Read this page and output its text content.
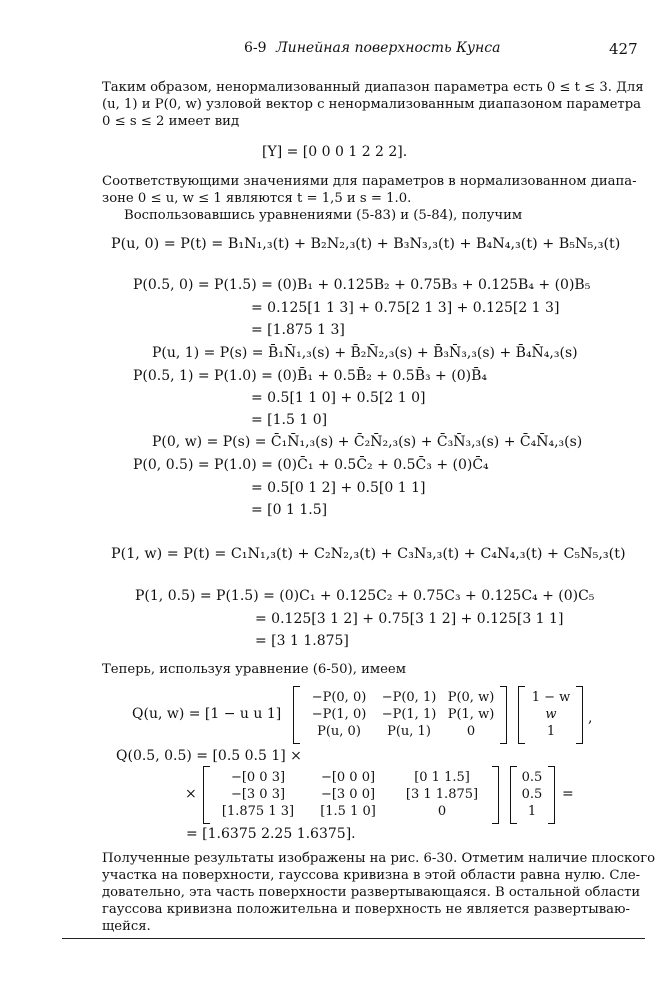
6-9 Линейная поверхность Кунса	427
Таким образом, ненормализованный диапазон параметра есть 0 ≤ t ≤ 3. Для
(u, 1) и P(0, w) узловой вектор с ненормализованным диапазоном параметра
0 ≤ s ≤ 2 имеет вид
[Y] = [0 0 0 1 2 2 2].
Соответствующими значениями для параметров в нормализованном диапа-
зоне 0 ≤ u, w ≤ 1 являются t = 1,5 и s = 1.0.
Воспользовавшись уравнениями (5-83) и (5-84), получим
P(u, 0) = P(t) = B₁N₁,₃(t) + B₂N₂,₃(t) + B₃N₃,₃(t) + B₄N₄,₃(t) + B₅N₅,₃(t)
P(0.5, 0) = P(1.5) = (0)B₁ + 0.125B₂ + 0.75B₃ + 0.125B₄ + (0)B₅
= 0.125[1 1 3] + 0.75[2 1 3] + 0.125[2 1 3]
= [1.875 1 3]
P(u, 1) = P(s) = B̄₁N̄₁,₃(s) + B̄₂N̄₂,₃(s) + B̄₃N̄₃,₃(s) + B̄₄N̄₄,₃(s)
P(0.5, 1) = P(1.0) = (0)B̄₁ + 0.5B̄₂ + 0.5B̄₃ + (0)B̄₄
= 0.5[1 1 0] + 0.5[2 1 0]
= [1.5 1 0]
P(0, w) = P(s) = C̄₁N̄₁,₃(s) + C̄₂N̄₂,₃(s) + C̄₃N̄₃,₃(s) + C̄₄N̄₄,₃(s)
P(0, 0.5) = P(1.0) = (0)C̄₁ + 0.5C̄₂ + 0.5C̄₃ + (0)C̄₄
= 0.5[0 1 2] + 0.5[0 1 1]
= [0 1 1.5]
P(1, w) = P(t) = C₁N₁,₃(t) + C₂N₂,₃(t) + C₃N₃,₃(t) + C₄N₄,₃(t) + C₅N₅,₃(t)
P(1, 0.5) = P(1.5) = (0)C₁ + 0.125C₂ + 0.75C₃ + 0.125C₄ + (0)C₅
= 0.125[3 1 2] + 0.75[3 1 2] + 0.125[3 1 1]
= [3 1 1.875]
Теперь, используя уравнение (6-50), имеем
Q(u, w) = [1 − u u 1]
−P(0, 0)	−P(0, 1) P(0, w)
−P(1, 0)	−P(1, 1) P(1, w)
P(u, 0)	P(u, 1)	0
1 − w
w
1
,
Q(0.5, 0.5) = [0.5 0.5 1] ×
×
−[0 0 3]	−[0 0 0]	[0 1 1.5]
−[3 0 3]	−[3 0 0]	[3 1 1.875]
[1.875 1 3]	[1.5 1 0]	0
0.5
0.5
1
=
= [1.6375 2.25 1.6375].
Полученные результаты изображены на рис. 6-30. Отметим наличие плоского
участка на поверхности, гауссова кривизна в этой области равна нулю. Сле-
довательно, эта часть поверхности развертывающаяся. В остальной области
гауссова кривизна положительна и поверхность не является развертываю-
щейся.
